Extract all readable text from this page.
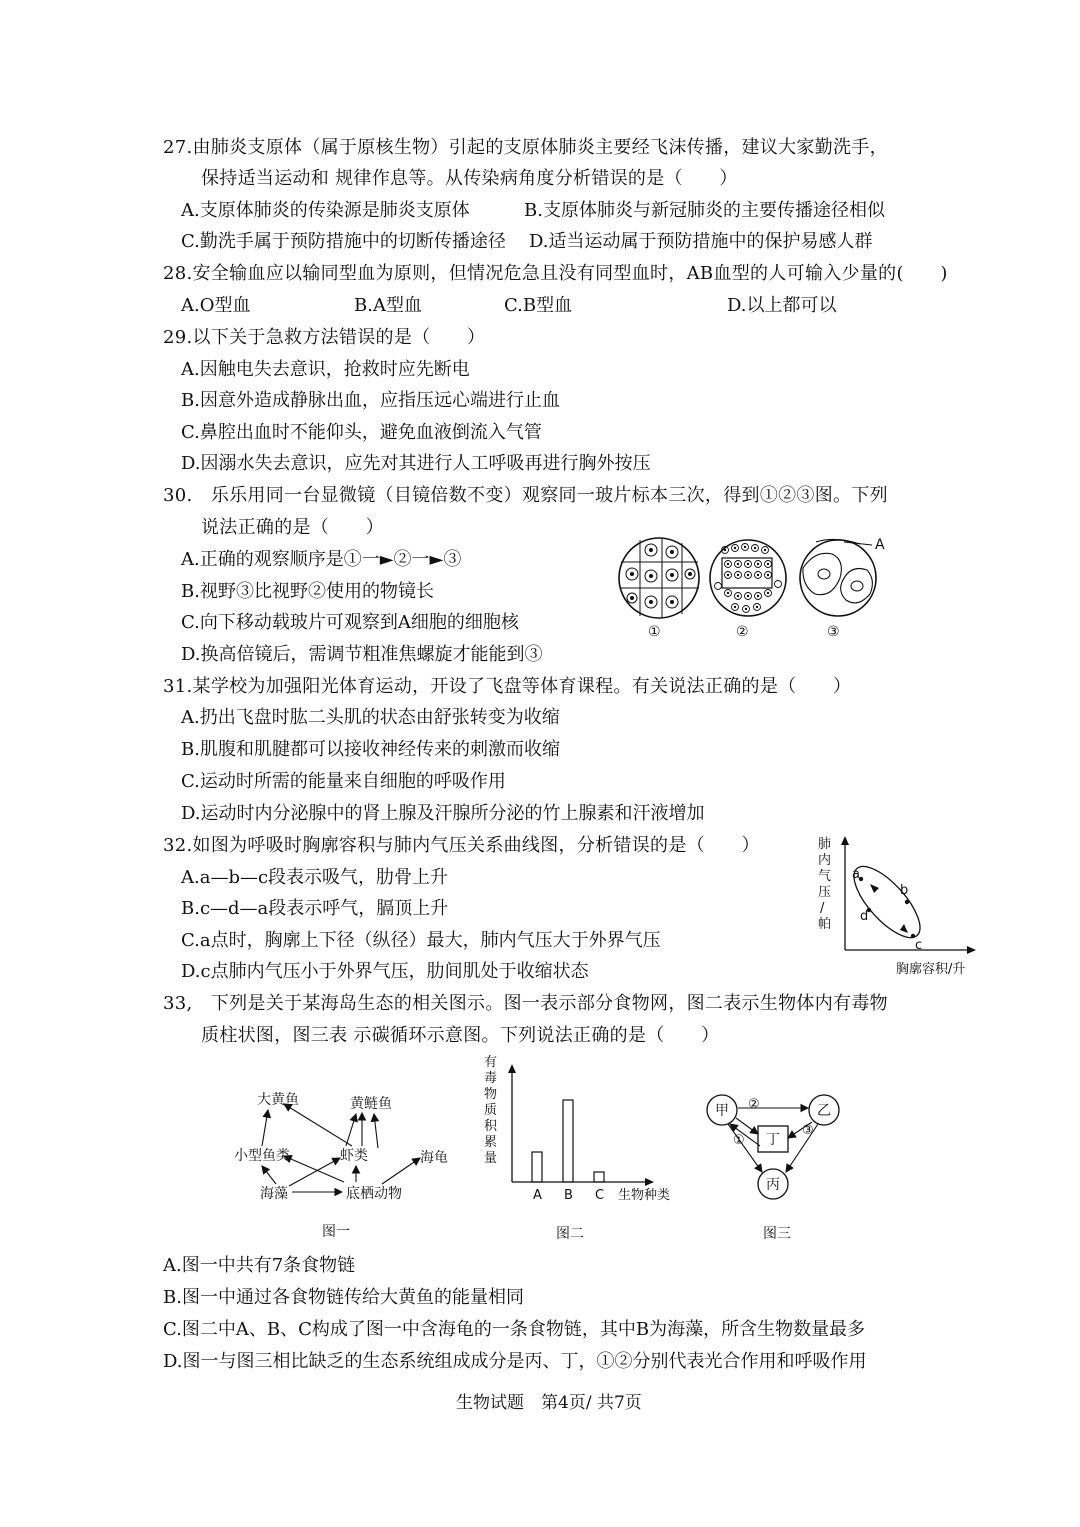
27.由肺炎支原体（属于原核生物）引起的支原体肺炎主要经飞沫传播，建议大家勤洗手，
保持适当运动和 规律作息等。从传染病角度分析错误的是（　　）
A.支原体肺炎的传染源是肺炎支原体	B.支原体肺炎与新冠肺炎的主要传播途径相似
C.勤洗手属于预防措施中的切断传播途径 D.适当运动属于预防措施中的保护易感人群
28.安全输血应以输同型血为原则，但情况危急且没有同型血时，AB血型的人可输入少量的(　　)
A.O型血	B.A型血	C.B型血	D.以上都可以
29.以下关于急救方法错误的是（　　）
A.因触电失去意识，抢救时应先断电
B.因意外造成静脉出血，应指压远心端进行止血
C.鼻腔出血时不能仰头，避免血液倒流入气管
D.因溺水失去意识，应先对其进行人工呼吸再进行胸外按压
30.　乐乐用同一台显微镜（目镜倍数不变）观察同一玻片标本三次，得到①②③图。下列
说法正确的是（　　）
A.正确的观察顺序是①一►②一►③
B.视野③比视野②使用的物镜长
C.向下移动载玻片可观察到A细胞的细胞核
D.换高倍镜后，需调节粗准焦螺旋才能能到③
A
①	②	③
31.某学校为加强阳光体育运动，开设了飞盘等体育课程。有关说法正确的是（　　）
A.扔出飞盘时肱二头肌的状态由舒张转变为收缩
B.肌腹和肌腱都可以接收神经传来的刺激而收缩
C.运动时所需的能量来自细胞的呼吸作用
D.运动时内分泌腺中的肾上腺及汗腺所分泌的竹上腺素和汗液增加
32.如图为呼吸时胸廓容积与肺内气压关系曲线图，分析错误的是（　　）
A.a—b—c段表示吸气，肋骨上升
B.c—d—a段表示呼气，膈顶上升
C.a点时，胸廓上下径（纵径）最大，肺内气压大于外界气压
D.c点肺内气压小于外界气压，肋间肌处于收缩状态
肺
内
气
压
/
帕
a
b
c
d
胸廓容积/升
33,　下列是关于某海岛生态的相关图示。图一表示部分食物网，图二表示生物体内有毒物
质柱状图，图三表 示碳循环示意图。下列说法正确的是（　　）
大黄鱼	黄鲢鱼
小型鱼类	虾类	海龟
海藻	底栖动物
图一
有
毒
物
质
积
累
量
A B C 生物种类
图二
甲	乙
丁
丙
②
①
③
图三
A.图一中共有7条食物链
B.图一中通过各食物链传给大黄鱼的能量相同
C.图二中A、B、C构成了图一中含海龟的一条食物链，其中B为海藻，所含生物数量最多
D.图一与图三相比缺乏的生态系统组成成分是丙、丁，①②分别代表光合作用和呼吸作用
生物试题　第4页/ 共7页
